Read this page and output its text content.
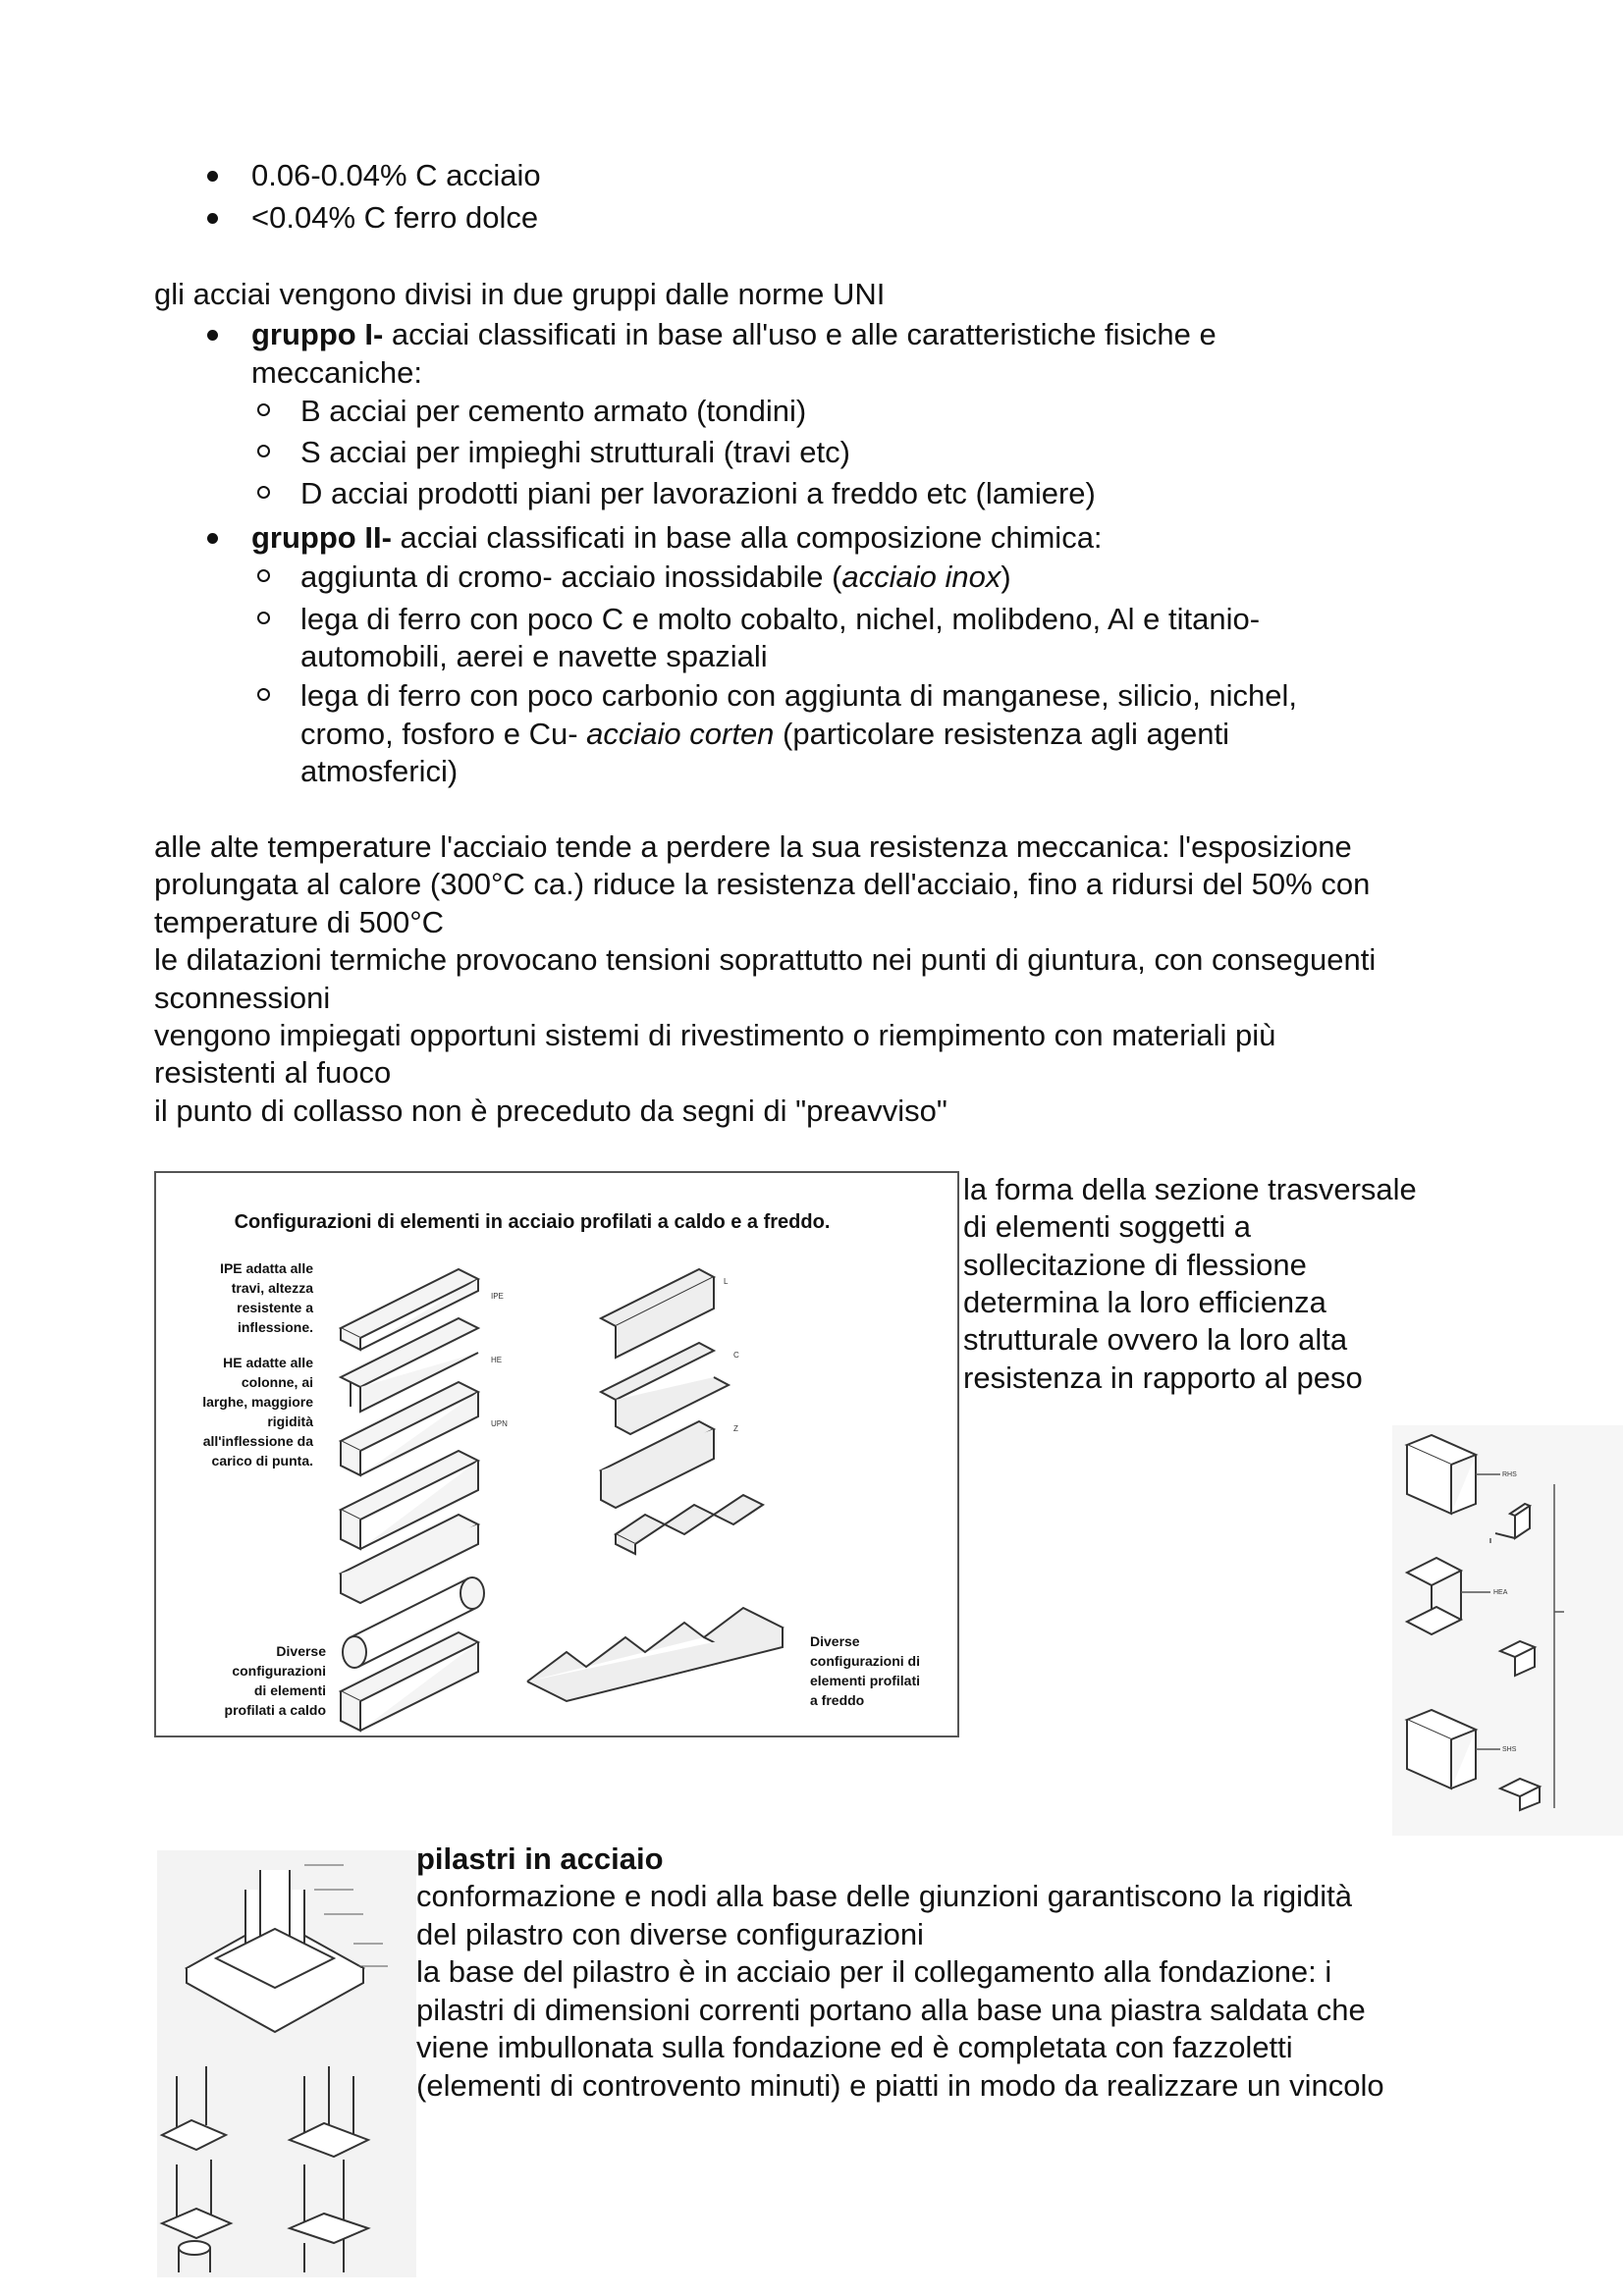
0.06-0.04% C acciaio
<0.04% C ferro dolce
gli acciai vengono divisi in due gruppi dalle norme UNI
gruppo I- acciai classificati in base all'uso e alle caratteristiche fisiche e
meccaniche:
B acciai per cemento armato (tondini)
S acciai per impieghi strutturali (travi etc)
D acciai prodotti piani per lavorazioni a freddo etc (lamiere)
gruppo II- acciai classificati in base alla composizione chimica:
aggiunta di cromo- acciaio inossidabile (acciaio inox)
lega di ferro con poco C e molto cobalto, nichel, molibdeno, Al e titanio-
automobili, aerei e navette spaziali
lega di ferro con poco carbonio con aggiunta di manganese, silicio, nichel,
cromo, fosforo e Cu- acciaio corten (particolare resistenza agli agenti
atmosferici)
alle alte temperature l'acciaio tende a perdere la sua resistenza meccanica: l'esposizione
prolungata al calore (300°C ca.) riduce la resistenza dell'acciaio, fino a ridursi del 50% con
temperature di 500°C
le dilatazioni termiche provocano tensioni soprattutto nei punti di giuntura, con conseguenti
sconnessioni
vengono impiegati opportuni sistemi di rivestimento o riempimento con materiali più
resistenti al fuoco
il punto di collasso non è preceduto da segni di "preavviso"
Configurazioni di elementi in acciaio profilati a caldo e a freddo.
IPE adatta alle
travi, altezza
resistente a
inflessione.
HE adatte alle
colonne, ai
larghe, maggiore
rigidità
all'inflessione da
carico di punta.
Diverse
configurazioni
di elementi
profilati a caldo
Diverse
configurazioni di
elementi profilati
a freddo
IPE
HE
UPN
L
C
Z
la forma della sezione trasversale
di elementi soggetti a
sollecitazione di flessione
determina la loro efficienza
strutturale ovvero la loro alta
resistenza in rapporto al peso
RHS
HEA
SHS
pilastri in acciaio
conformazione e nodi alla base delle giunzioni garantiscono la rigidità
del pilastro con diverse configurazioni
la base del pilastro è in acciaio per il collegamento alla fondazione: i
pilastri di dimensioni correnti portano alla base una piastra saldata che
viene imbullonata sulla fondazione ed è completata con fazzoletti
(elementi di controvento minuti) e piatti in modo da realizzare un vincolo
